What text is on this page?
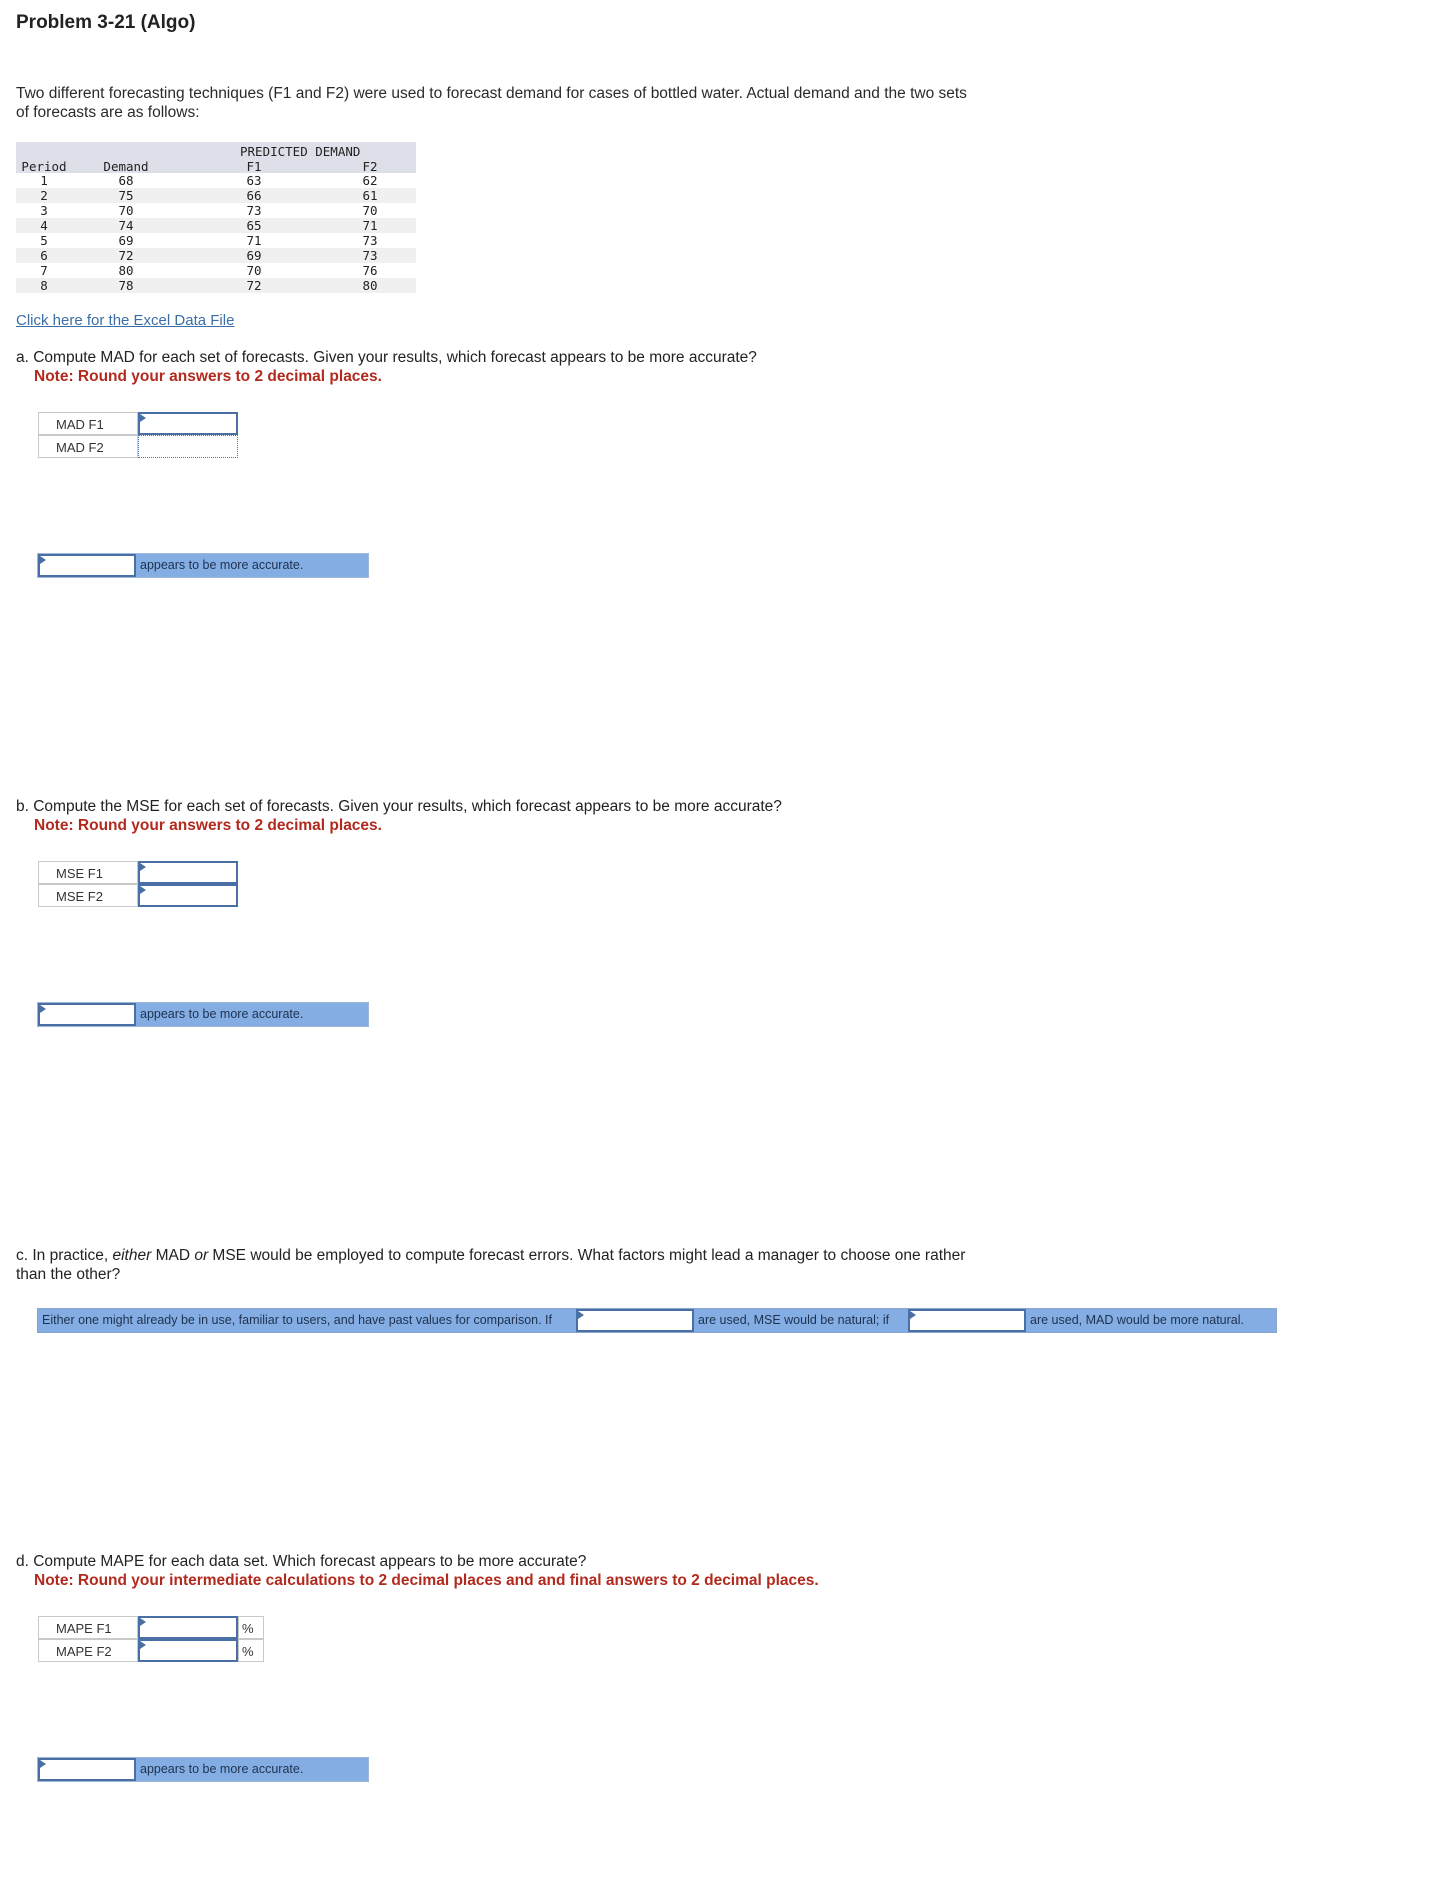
Problem 3-21 (Algo)
Two different forecasting techniques (F1 and F2) were used to forecast demand for cases of bottled water. Actual demand and the two sets of forecasts are as follows:
PREDICTED DEMAND
Period	Demand	F1	F2
1	68	63	62
2	75	66	61
3	70	73	70
4	74	65	71
5	69	71	73
6	72	69	73
7	80	70	76
8	78	72	80
Click here for the Excel Data File
a. Compute MAD for each set of forecasts. Given your results, which forecast appears to be more accurate?
Note: Round your answers to 2 decimal places.
MAD F1
MAD F2
appears to be more accurate.
b. Compute the MSE for each set of forecasts. Given your results, which forecast appears to be more accurate?
Note: Round your answers to 2 decimal places.
MSE F1
MSE F2
appears to be more accurate.
c. In practice, either MAD or MSE would be employed to compute forecast errors. What factors might lead a manager to choose one rather than the other?
Either one might already be in use, familiar to users, and have past values for comparison. If	are used, MSE would be natural; if	are used, MAD would be more natural.
d. Compute MAPE for each data set. Which forecast appears to be more accurate?
Note: Round your intermediate calculations to 2 decimal places and and final answers to 2 decimal places.
MAPE F1	%
MAPE F2	%
appears to be more accurate.
